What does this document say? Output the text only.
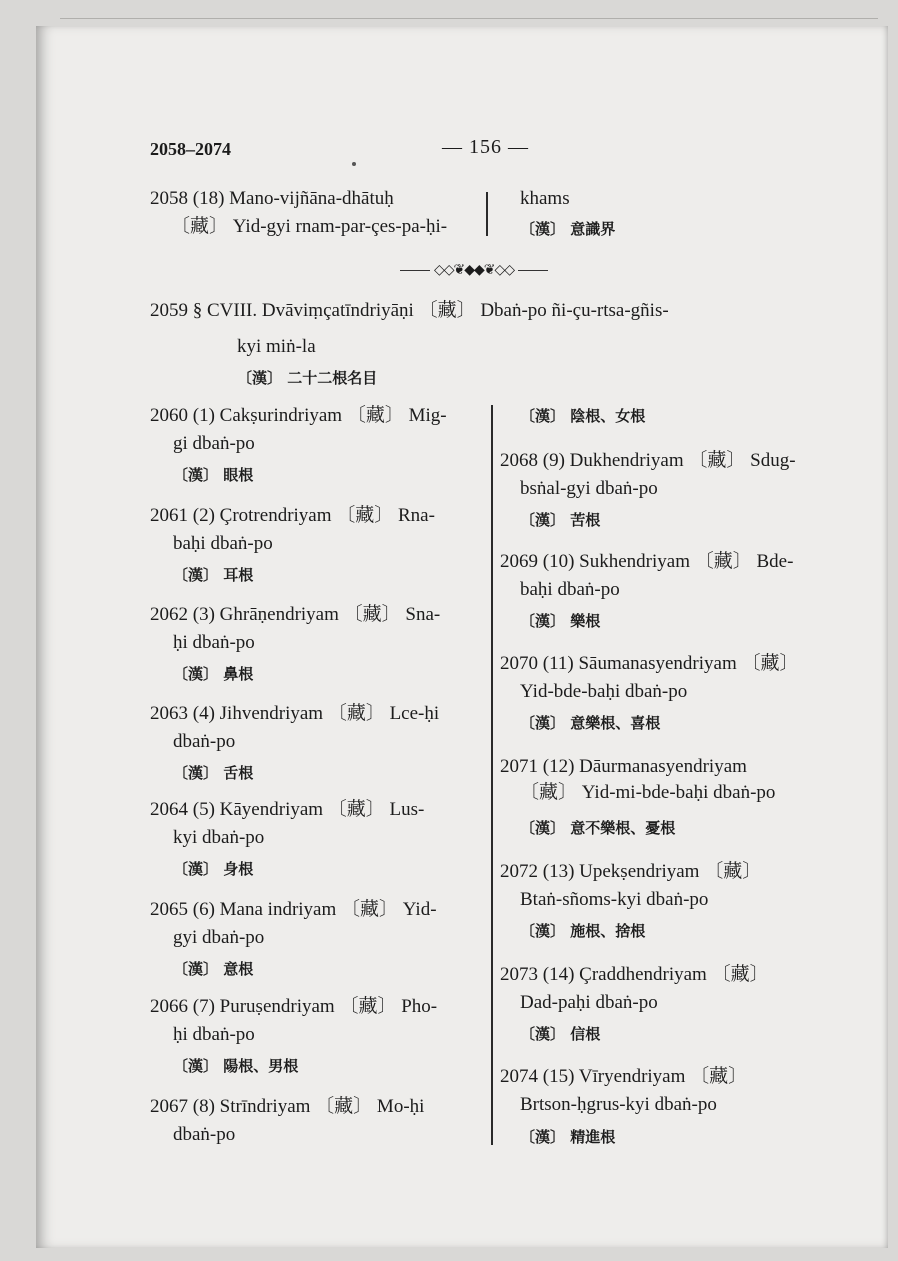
2058–2074	— 156 —
◇◇❦◆◆❦◇◇
2058 (18) Mano-vijñāna-dhātuḥ
〔藏〕 Yid-gyi rnam-par-çes-pa-ḥi-
khams
〔漢〕 意識界
2059 § CVIII. Dvāviṃçatīndriyāṇi 〔藏〕 Dbaṅ-po ñi-çu-rtsa-gñis-
kyi miṅ-la
〔漢〕 二十二根名目
2060 (1) Cakṣurindriyam 〔藏〕 Mig-
gi dbaṅ-po
〔漢〕 眼根
2061 (2) Çrotrendriyam 〔藏〕 Rna-
baḥi dbaṅ-po
〔漢〕 耳根
2062 (3) Ghrāṇendriyam 〔藏〕 Sna-
ḥi dbaṅ-po
〔漢〕 鼻根
2063 (4) Jihvendriyam 〔藏〕 Lce-ḥi
dbaṅ-po
〔漢〕 舌根
2064 (5) Kāyendriyam 〔藏〕 Lus-
kyi dbaṅ-po
〔漢〕 身根
2065 (6) Mana indriyam 〔藏〕 Yid-
gyi dbaṅ-po
〔漢〕 意根
2066 (7) Puruṣendriyam 〔藏〕 Pho-
ḥi dbaṅ-po
〔漢〕 陽根、男根
2067 (8) Strīndriyam 〔藏〕 Mo-ḥi
dbaṅ-po
〔漢〕 陰根、女根
2068 (9) Dukhendriyam 〔藏〕 Sdug-
bsṅal-gyi dbaṅ-po
〔漢〕 苦根
2069 (10) Sukhendriyam 〔藏〕 Bde-
baḥi dbaṅ-po
〔漢〕 樂根
2070 (11) Sāumanasyendriyam 〔藏〕
Yid-bde-baḥi dbaṅ-po
〔漢〕 意樂根、喜根
2071 (12) Dāurmanasyendriyam
〔藏〕 Yid-mi-bde-baḥi dbaṅ-po
〔漢〕 意不樂根、憂根
2072 (13) Upekṣendriyam 〔藏〕
Btaṅ-sñoms-kyi dbaṅ-po
〔漢〕 施根、捨根
2073 (14) Çraddhendriyam 〔藏〕
Dad-paḥi dbaṅ-po
〔漢〕 信根
2074 (15) Vīryendriyam 〔藏〕
Brtson-ḥgrus-kyi dbaṅ-po
〔漢〕 精進根
